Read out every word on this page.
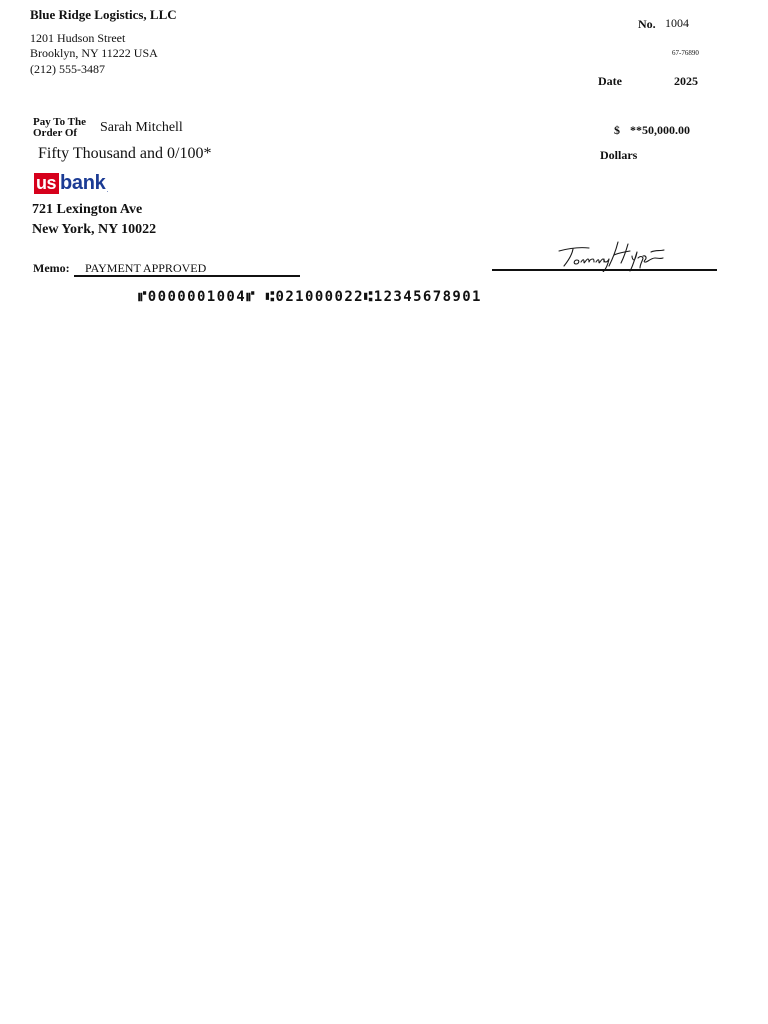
Blue Ridge Logistics, LLC
1201 Hudson Street
Brooklyn, NY 11222 USA
(212) 555-3487
No. 1004
67-76890
Date	2025
Pay To The
Order Of	Sarah Mitchell	$ **50,000.00
Fifty Thousand and 0/100*	Dollars
us bank .
721 Lexington Ave
New York, NY 10022
Memo: PAYMENT APPROVED
⑈0000001004⑈ ⑆021000022⑆12345678901
